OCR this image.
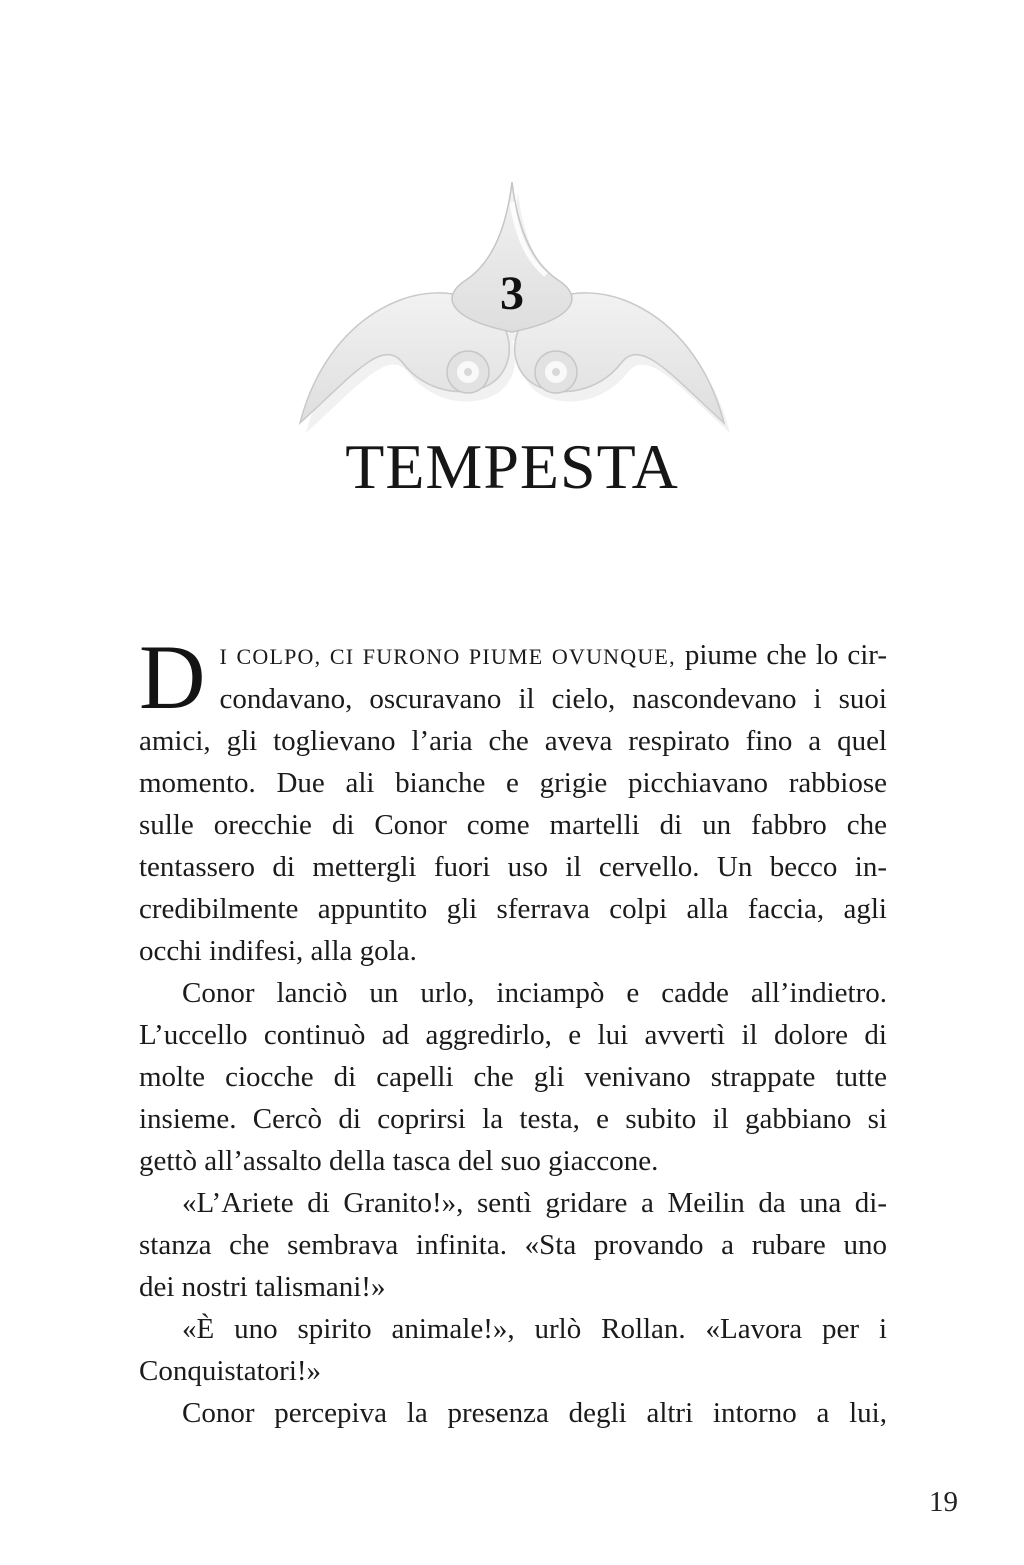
3
TEMPESTA
D I COLPO, CI FURONO PIUME OVUNQUE, piume che lo cir-
condavano, oscuravano il cielo, nascondevano i suoi
amici, gli toglievano l’aria che aveva respirato fino a quel
momento. Due ali bianche e grigie picchiavano rabbiose
sulle orecchie di Conor come martelli di un fabbro che
tentassero di mettergli fuori uso il cervello. Un becco in-
credibilmente appuntito gli sferrava colpi alla faccia, agli
occhi indifesi, alla gola.
Conor lanciò un urlo, inciampò e cadde all’indietro.
L’uccello continuò ad aggredirlo, e lui avvertì il dolore di
molte ciocche di capelli che gli venivano strappate tutte
insieme. Cercò di coprirsi la testa, e subito il gabbiano si
gettò all’assalto della tasca del suo giaccone.
«L’Ariete di Granito!», sentì gridare a Meilin da una di-
stanza che sembrava infinita. «Sta provando a rubare uno
dei nostri talismani!»
«È uno spirito animale!», urlò Rollan. «Lavora per i
Conquistatori!»
Conor percepiva la presenza degli altri intorno a lui,
19
